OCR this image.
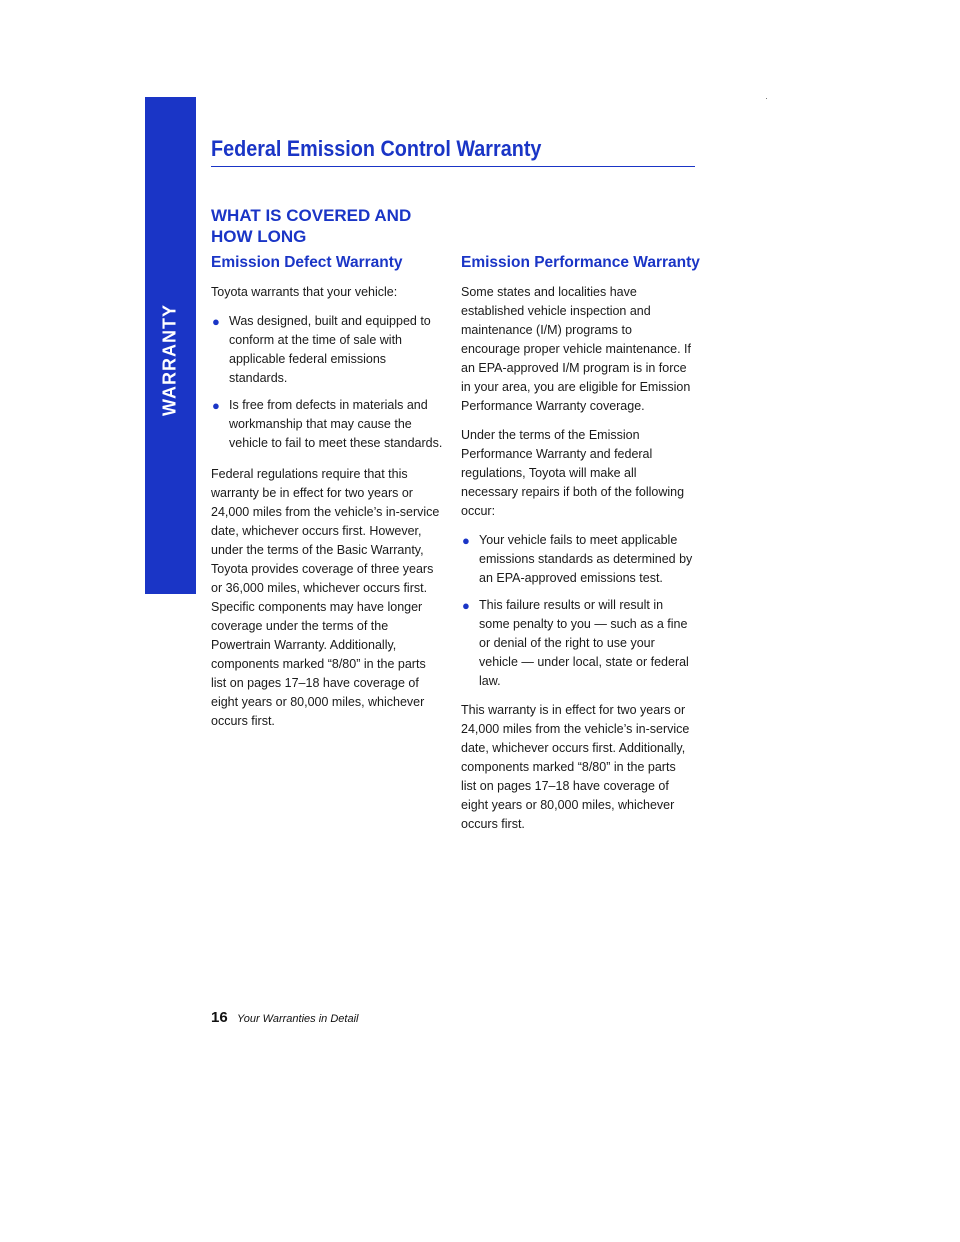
WARRANTY
Federal Emission Control Warranty
WHAT IS COVERED AND HOW LONG
Emission Defect Warranty

Toyota warrants that your vehicle:

● Was designed, built and equipped to conform at the time of sale with applicable federal emissions standards.
● Is free from defects in materials and workmanship that may cause the vehicle to fail to meet these standards.

Federal regulations require that this warranty be in effect for two years or 24,000 miles from the vehicle’s in-service date, whichever occurs first. However, under the terms of the Basic Warranty, Toyota provides coverage of three years or 36,000 miles, whichever occurs first. Specific components may have longer coverage under the terms of the Powertrain Warranty. Additionally, components marked “8/80” in the parts list on pages 17–18 have coverage of eight years or 80,000 miles, whichever occurs first.

Emission Performance Warranty

Some states and localities have established vehicle inspection and maintenance (I/M) programs to encourage proper vehicle maintenance. If an EPA-approved I/M program is in force in your area, you are eligible for Emission Performance Warranty coverage.

Under the terms of the Emission Performance Warranty and federal regulations, Toyota will make all necessary repairs if both of the following occur:

● Your vehicle fails to meet applicable emissions standards as determined by an EPA-approved emissions test.
● This failure results or will result in some penalty to you — such as a fine or denial of the right to use your vehicle — under local, state or federal law.

This warranty is in effect for two years or 24,000 miles from the vehicle’s in-service date, whichever occurs first. Additionally, components marked “8/80” in the parts list on pages 17–18 have coverage of eight years or 80,000 miles, whichever occurs first.

16 Your Warranties in Detail
